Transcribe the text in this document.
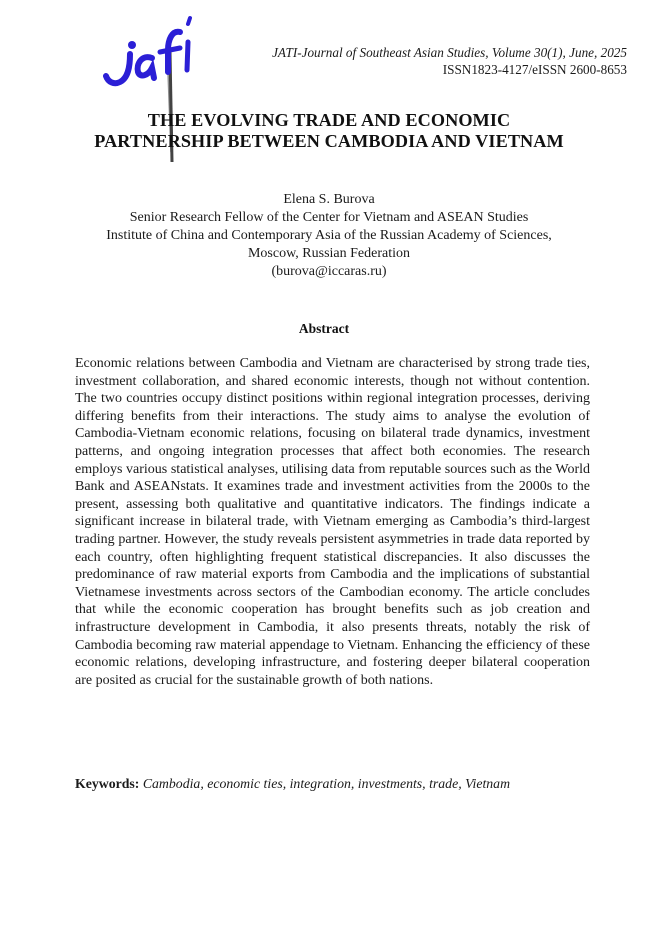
JATI-Journal of Southeast Asian Studies, Volume 30(1), June, 2025
ISSN1823-4127/eISSN 2600-8653
THE EVOLVING TRADE AND ECONOMIC
PARTNERSHIP BETWEEN CAMBODIA AND VIETNAM
Elena S. Burova
Senior Research Fellow of the Center for Vietnam and ASEAN Studies
Institute of China and Contemporary Asia of the Russian Academy of Sciences,
Moscow, Russian Federation
(burova@iccaras.ru)
Abstract
Economic relations between Cambodia and Vietnam are characterised by strong trade ties, investment collaboration, and shared economic interests, though not without contention. The two countries occupy distinct positions within regional integration processes, deriving differing benefits from their interactions. The study aims to analyse the evolution of Cambodia-Vietnam economic relations, focusing on bilateral trade dynamics, investment patterns, and ongoing integration processes that affect both economies. The research employs various statistical analyses, utilising data from reputable sources such as the World Bank and ASEANstats. It examines trade and investment activities from the 2000s to the present, assessing both qualitative and quantitative indicators. The findings indicate a significant increase in bilateral trade, with Vietnam emerging as Cambodia’s third-largest trading partner. However, the study reveals persistent asymmetries in trade data reported by each country, often highlighting frequent statistical discrepancies. It also discusses the predominance of raw material exports from Cambodia and the implications of substantial Vietnamese investments across sectors of the Cambodian economy. The article concludes that while the economic cooperation has brought benefits such as job creation and infrastructure development in Cambodia, it also presents threats, notably the risk of Cambodia becoming raw material appendage to Vietnam. Enhancing the efficiency of these economic relations, developing infrastructure, and fostering deeper bilateral cooperation are posited as crucial for the sustainable growth of both nations.
Keywords: Cambodia, economic ties, integration, investments, trade, Vietnam
